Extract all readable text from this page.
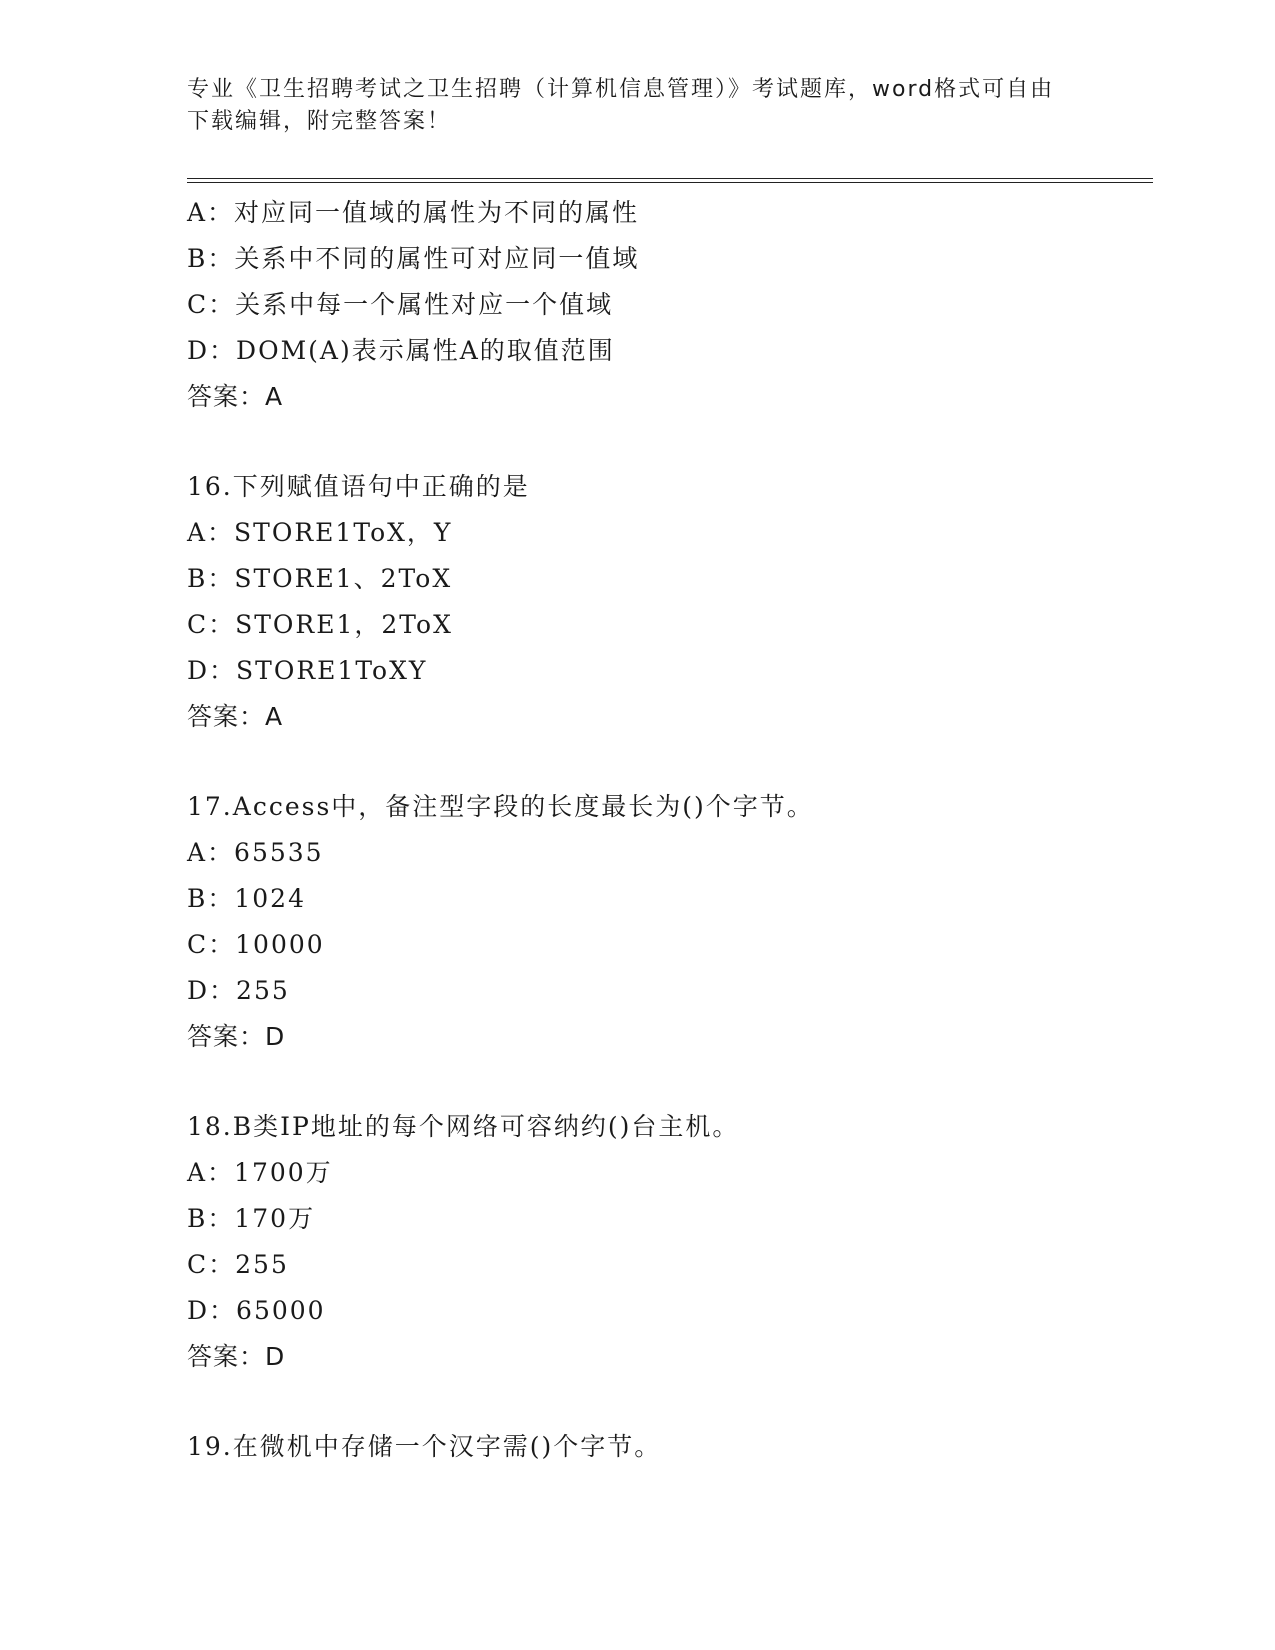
专业《卫生招聘考试之卫生招聘（计算机信息管理）》考试题库，word格式可自由下载编辑，附完整答案！
A：对应同一值域的属性为不同的属性
B：关系中不同的属性可对应同一值域
C：关系中每一个属性对应一个值域
D：DOM(A)表示属性A的取值范围
答案：A
16.下列赋值语句中正确的是
A：STORE1ToX，Y
B：STORE1、2ToX
C：STORE1，2ToX
D：STORE1ToXY
答案：A
17.Access中，备注型字段的长度最长为()个字节。
A：65535
B：1024
C：10000
D：255
答案：D
18.B类IP地址的每个网络可容纳约()台主机。
A：1700万
B：170万
C：255
D：65000
答案：D
19.在微机中存储一个汉字需()个字节。
